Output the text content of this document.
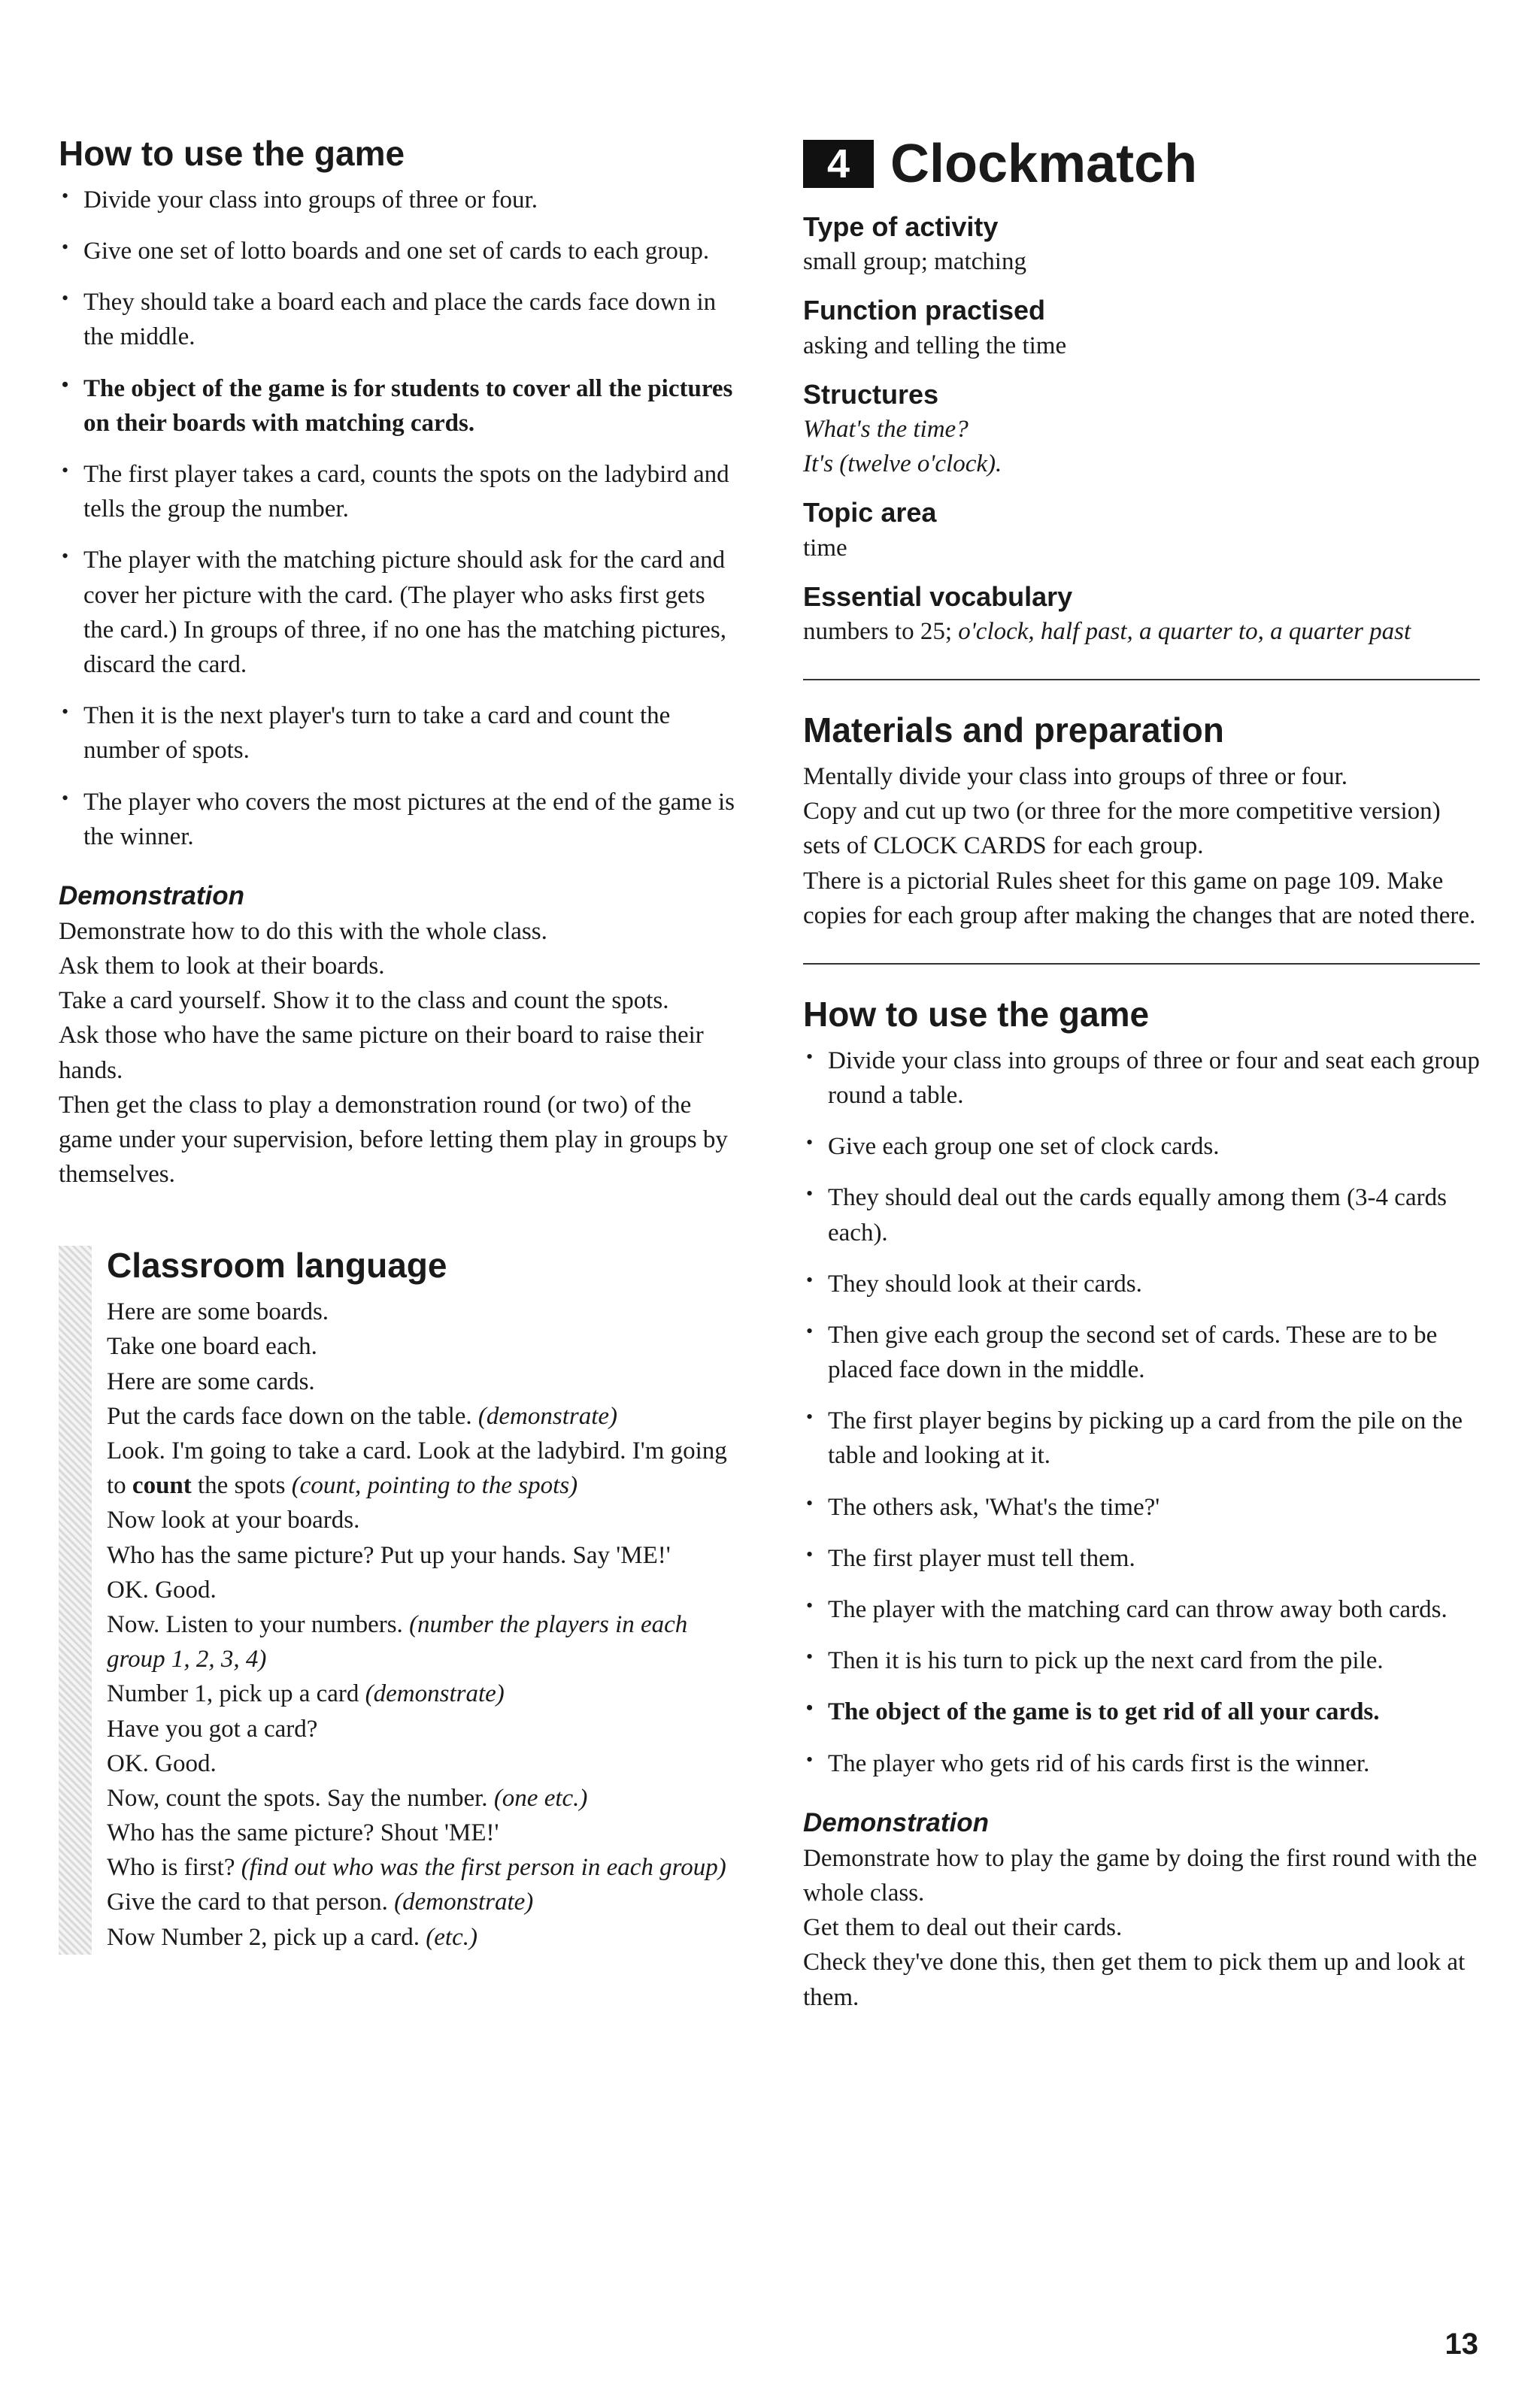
How to use the game
• Divide your class into groups of three or four.
• Give one set of lotto boards and one set of cards to each group.
• They should take a board each and place the cards face down in the middle.
• The object of the game is for students to cover all the pictures on their boards with matching cards.
• The first player takes a card, counts the spots on the ladybird and tells the group the number.
• The player with the matching picture should ask for the card and cover her picture with the card. (The player who asks first gets the card.) In groups of three, if no one has the matching pictures, discard the card.
• Then it is the next player's turn to take a card and count the number of spots.
• The player who covers the most pictures at the end of the game is the winner.
Demonstration

Demonstrate how to do this with the whole class.

Ask them to look at their boards.

Take a card yourself. Show it to the class and count the spots.

Ask those who have the same picture on their board to raise their hands.

Then get the class to play a demonstration round (or two) of the game under your supervision, before letting them play in groups by themselves.

Classroom language
Here are some boards.
Take one board each.
Here are some cards.
Put the cards face down on the table. (demonstrate)
Look. I'm going to take a card. Look at the ladybird. I'm going to count the spots (count, pointing to the spots)
Now look at your boards.
Who has the same picture? Put up your hands. Say 'ME!'
OK. Good.
Now. Listen to your numbers. (number the players in each group 1, 2, 3, 4)
Number 1, pick up a card (demonstrate)
Have you got a card?
OK. Good.
Now, count the spots. Say the number. (one etc.)
Who has the same picture? Shout 'ME!'
Who is first? (find out who was the first person in each group)
Give the card to that person. (demonstrate)
Now Number 2, pick up a card. (etc.)
4 Clockmatch
Type of activity
small group; matching
Function practised
asking and telling the time
Structures
What's the time?
It's (twelve o'clock).
Topic area
time
Essential vocabulary
numbers to 25; o'clock, half past, a quarter to, a quarter past
Materials and preparation
Mentally divide your class into groups of three or four.
Copy and cut up two (or three for the more competitive version) sets of CLOCK CARDS for each group.
There is a pictorial Rules sheet for this game on page 109. Make copies for each group after making the changes that are noted there.
How to use the game
• Divide your class into groups of three or four and seat each group round a table.
• Give each group one set of clock cards.
• They should deal out the cards equally among them (3-4 cards each).
• They should look at their cards.
• Then give each group the second set of cards. These are to be placed face down in the middle.
• The first player begins by picking up a card from the pile on the table and looking at it.
• The others ask, 'What's the time?'
• The first player must tell them.
• The player with the matching card can throw away both cards.
• Then it is his turn to pick up the next card from the pile.
• The object of the game is to get rid of all your cards.
• The player who gets rid of his cards first is the winner.
Demonstration

Demonstrate how to play the game by doing the first round with the whole class.

Get them to deal out their cards.

Check they've done this, then get them to pick them up and look at them.

13
